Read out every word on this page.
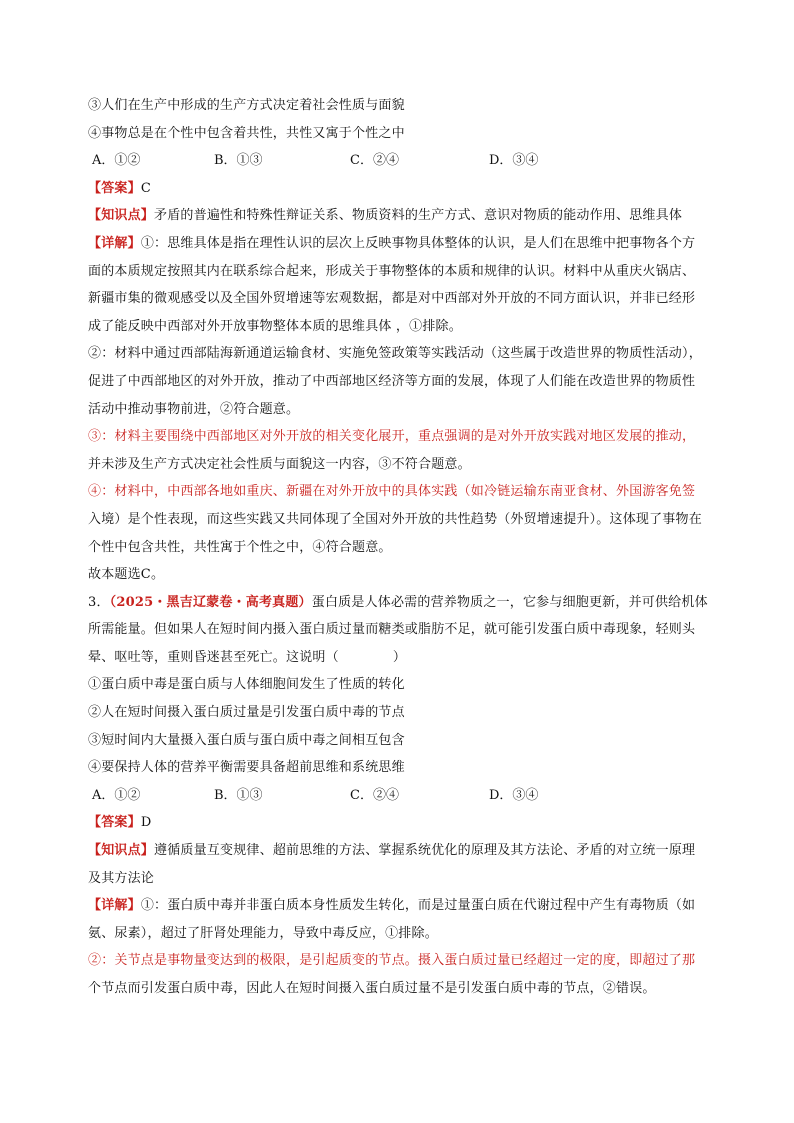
③人们在生产中形成的生产方式决定着社会性质与面貌
④事物总是在个性中包含着共性，共性又寓于个性之中
A．①②	B．①③	C．②④	D．③④
【答案】C
【知识点】矛盾的普遍性和特殊性辩证关系、物质资料的生产方式、意识对物质的能动作用、思维具体
【详解】①：思维具体是指在理性认识的层次上反映事物具体整体的认识，是人们在思维中把事物各个方
面的本质规定按照其内在联系综合起来，形成关于事物整体的本质和规律的认识。材料中从重庆火锅店、
新疆市集的微观感受以及全国外贸增速等宏观数据，都是对中西部对外开放的不同方面认识，并非已经形
成了能反映中西部对外开放事物整体本质的思维具体 ，①排除。
②：材料中通过西部陆海新通道运输食材、实施免签政策等实践活动（这些属于改造世界的物质性活动），
促进了中西部地区的对外开放，推动了中西部地区经济等方面的发展，体现了人们能在改造世界的物质性
活动中推动事物前进，②符合题意。
③：材料主要围绕中西部地区对外开放的相关变化展开，重点强调的是对外开放实践对地区发展的推动，
并未涉及生产方式决定社会性质与面貌这一内容，③不符合题意。
④：材料中，中西部各地如重庆、新疆在对外开放中的具体实践（如冷链运输东南亚食材、外国游客免签
入境）是个性表现，而这些实践又共同体现了全国对外开放的共性趋势（外贸增速提升）。这体现了事物在
个性中包含共性，共性寓于个性之中，④符合题意。
故本题选C。
3．（2025・黑吉辽蒙卷・高考真题）蛋白质是人体必需的营养物质之一，它参与细胞更新，并可供给机体
所需能量。但如果人在短时间内摄入蛋白质过量而糖类或脂肪不足，就可能引发蛋白质中毒现象，轻则头
晕、呕吐等，重则昏迷甚至死亡。这说明（	）
①蛋白质中毒是蛋白质与人体细胞间发生了性质的转化
②人在短时间摄入蛋白质过量是引发蛋白质中毒的节点
③短时间内大量摄入蛋白质与蛋白质中毒之间相互包含
④要保持人体的营养平衡需要具备超前思维和系统思维
A．①②	B．①③	C．②④	D．③④
【答案】D
【知识点】遵循质量互变规律、超前思维的方法、掌握系统优化的原理及其方法论、矛盾的对立统一原理
及其方法论
【详解】①：蛋白质中毒并非蛋白质本身性质发生转化，而是过量蛋白质在代谢过程中产生有毒物质（如
氨、尿素），超过了肝肾处理能力，导致中毒反应，①排除。
②：关节点是事物量变达到的极限，是引起质变的节点。摄入蛋白质过量已经超过一定的度，即超过了那
个节点而引发蛋白质中毒，因此人在短时间摄入蛋白质过量不是引发蛋白质中毒的节点，②错误。
